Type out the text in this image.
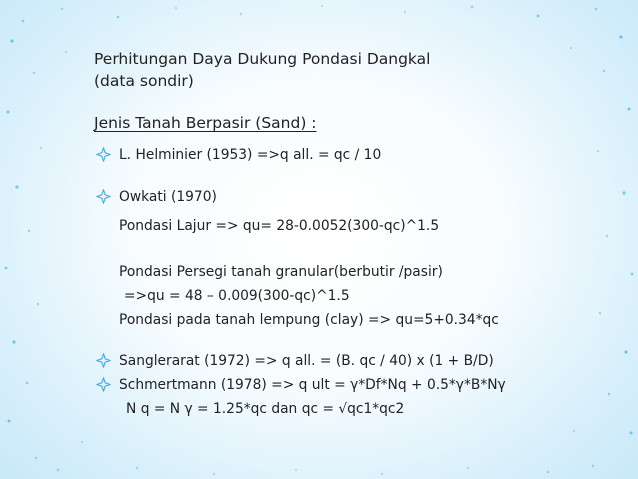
Perhitungan Daya Dukung Pondasi Dangkal
(data sondir)
Jenis Tanah Berpasir (Sand) :
L. Helminier (1953) =>q all. = qc / 10
Owkati (1970)
Pondasi Lajur => qu= 28-0.0052(300-qc)^1.5
Pondasi Persegi tanah granular(berbutir /pasir)
=>qu = 48 – 0.009(300-qc)^1.5
Pondasi pada tanah lempung (clay) => qu=5+0.34*qc
Sanglerarat (1972) => q all. = (B. qc / 40) x (1 + B/D)
Schmertmann (1978) => q ult = γ*Df*Nq + 0.5*γ*B*Nγ
N q = N γ = 1.25*qc dan qc = √qc1*qc2
